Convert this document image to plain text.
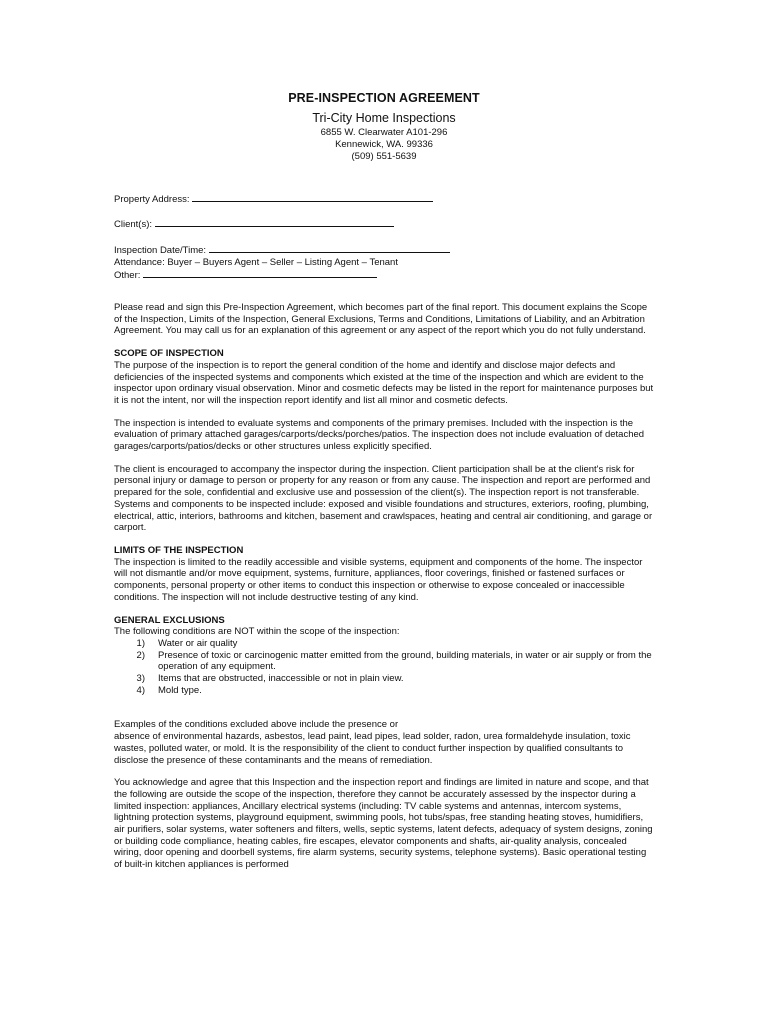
PRE-INSPECTION AGREEMENT

Tri-City Home Inspections

6855 W. Clearwater A101-296

Kennewick, WA. 99336

(509) 551-5639

Property Address:

Client(s):

Inspection Date/Time:

Attendance: Buyer – Buyers Agent – Seller – Listing Agent – Tenant

Other:

Please read and sign this Pre-Inspection Agreement, which becomes part of the final report. This document explains the Scope of the Inspection, Limits of the Inspection, General Exclusions, Terms and Conditions, Limitations of Liability, and an Arbitration Agreement. You may call us for an explanation of this agreement or any aspect of the report which you do not fully understand.

SCOPE OF INSPECTION

The purpose of the inspection is to report the general condition of the home and identify and disclose major defects and deficiencies of the inspected systems and components which existed at the time of the inspection and which are evident to the inspector upon ordinary visual observation. Minor and cosmetic defects may be listed in the report for maintenance purposes but it is not the intent, nor will the inspection report identify and list all minor and cosmetic defects.

The inspection is intended to evaluate systems and components of the primary premises. Included with the inspection is the evaluation of primary attached garages/carports/decks/porches/patios. The inspection does not include evaluation of detached garages/carports/patios/decks or other structures unless explicitly specified.

The client is encouraged to accompany the inspector during the inspection. Client participation shall be at the client's risk for personal injury or damage to person or property for any reason or from any cause. The inspection and report are performed and prepared for the sole, confidential and exclusive use and possession of the client(s). The inspection report is not transferable. Systems and components to be inspected include: exposed and visible foundations and structures, exteriors, roofing, plumbing, electrical, attic, interiors, bathrooms and kitchen, basement and crawlspaces, heating and central air conditioning, and garage or carport.

LIMITS OF THE INSPECTION

The inspection is limited to the readily accessible and visible systems, equipment and components of the home. The inspector will not dismantle and/or move equipment, systems, furniture, appliances, floor coverings, finished or fastened surfaces or components, personal property or other items to conduct this inspection or otherwise to expose concealed or inaccessible conditions. The inspection will not include destructive testing of any kind.

GENERAL EXCLUSIONS

The following conditions are NOT within the scope of the inspection:

1)	Water or air quality
2)	Presence of toxic or carcinogenic matter emitted from the ground, building materials, in water or air supply or from the operation of any equipment.
3)	Items that are obstructed, inaccessible or not in plain view.
4)	Mold type.

Examples of the conditions excluded above include the presence or

absence of environmental hazards, asbestos, lead paint, lead pipes, lead solder, radon, urea formaldehyde insulation, toxic wastes, polluted water, or mold. It is the responsibility of the client to conduct further inspection by qualified consultants to disclose the presence of these contaminants and the means of remediation.

You acknowledge and agree that this Inspection and the inspection report and findings are limited in nature and scope, and that the following are outside the scope of the inspection, therefore they cannot be accurately assessed by the inspector during a limited inspection: appliances, Ancillary electrical systems (including: TV cable systems and antennas, intercom systems, lightning protection systems, playground equipment, swimming pools, hot tubs/spas, free standing heating stoves, humidifiers, air purifiers, solar systems, water softeners and filters, wells, septic systems, latent defects, adequacy of system designs, zoning or building code compliance, heating cables, fire escapes, elevator components and shafts, air-quality analysis, concealed wiring, door opening and doorbell systems, fire alarm systems, security systems, telephone systems). Basic operational testing of built-in kitchen appliances is performed
